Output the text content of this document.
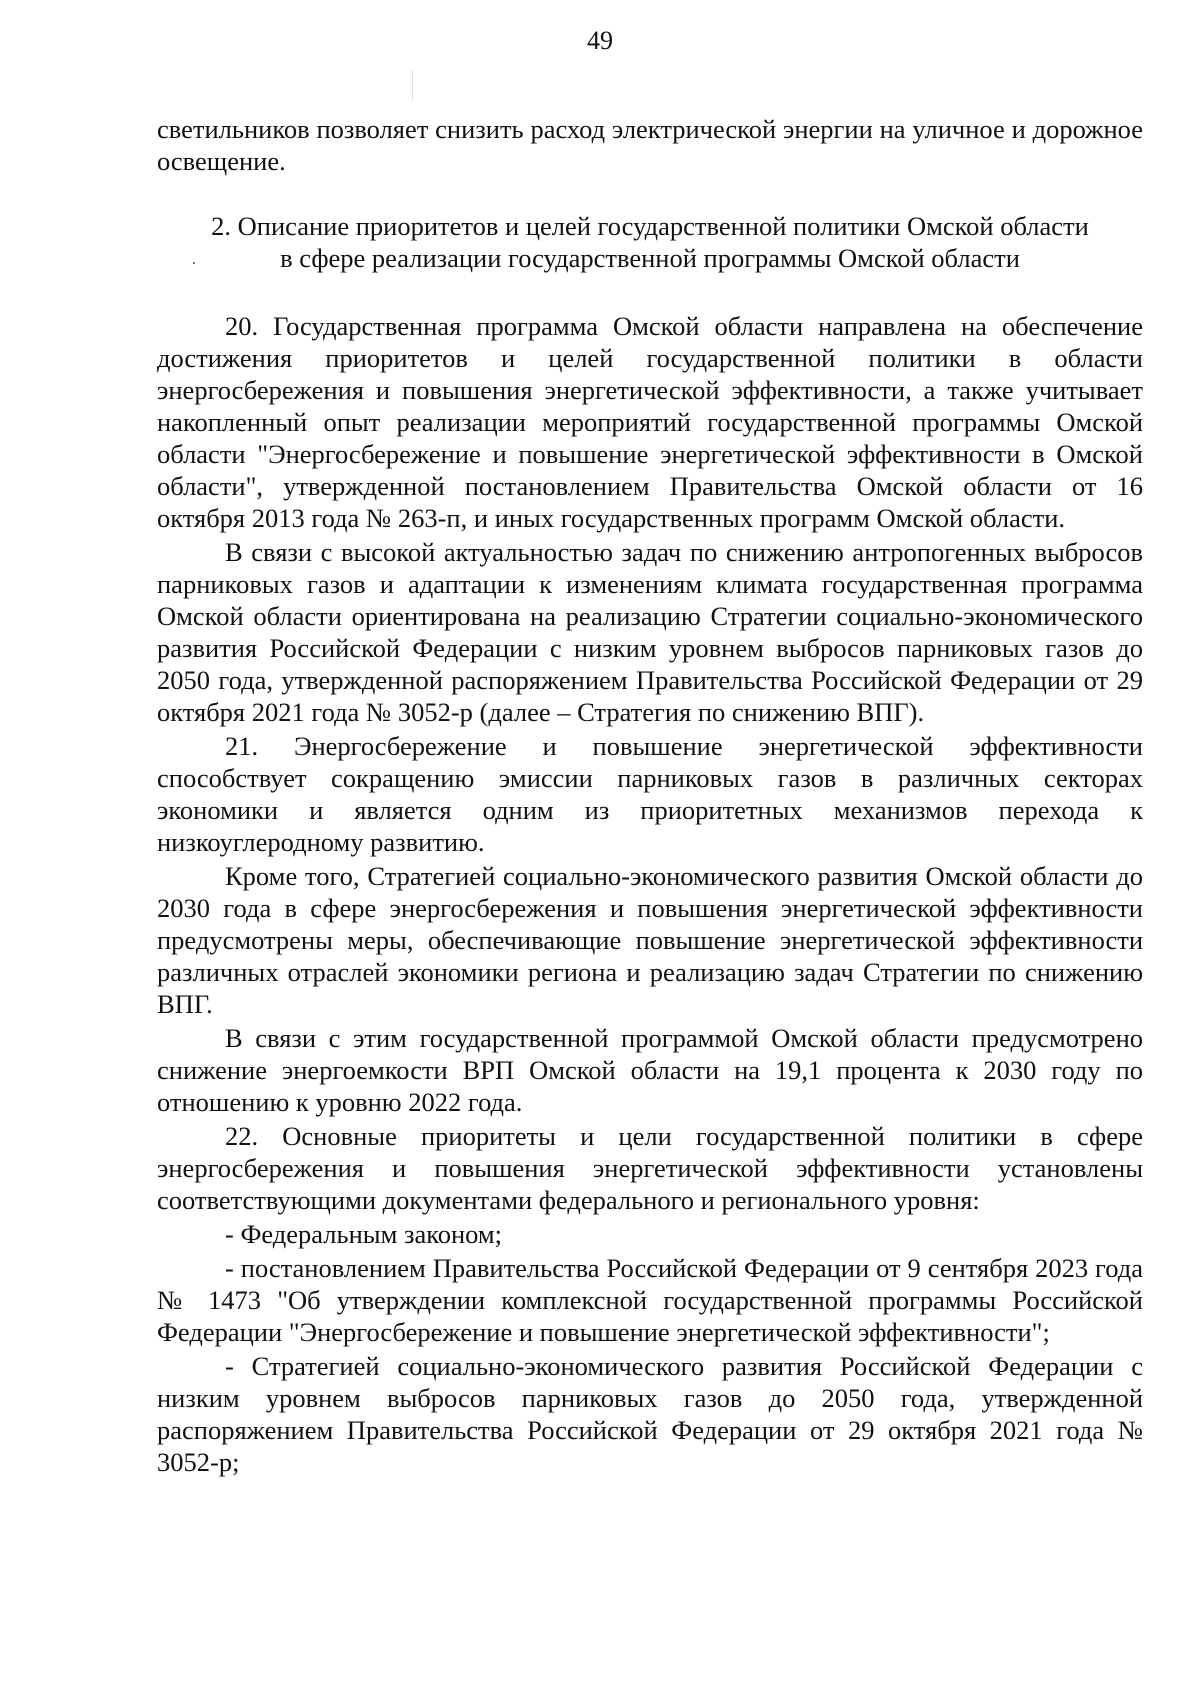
49

светильников позволяет снизить расход электрической энергии на уличное и дорожное освещение.

2. Описание приоритетов и целей государственной политики Омской области
в сфере реализации государственной программы Омской области

20. Государственная программа Омской области направлена на обеспечение достижения приоритетов и целей государственной политики в области энергосбережения и повышения энергетической эффективности, а также учитывает накопленный опыт реализации мероприятий государственной программы Омской области "Энергосбережение и повышение энергетической эффективности в Омской области", утвержденной постановлением Правительства Омской области от 16 октября 2013 года № 263-п, и иных государственных программ Омской области.

В связи с высокой актуальностью задач по снижению антропогенных выбросов парниковых газов и адаптации к изменениям климата государственная программа Омской области ориентирована на реализацию Стратегии социально-экономического развития Российской Федерации с низким уровнем выбросов парниковых газов до 2050 года, утвержденной распоряжением Правительства Российской Федерации от 29 октября 2021 года № 3052-р (далее – Стратегия по снижению ВПГ).

21. Энергосбережение и повышение энергетической эффективности способствует сокращению эмиссии парниковых газов в различных секторах экономики и является одним из приоритетных механизмов перехода к низкоуглеродному развитию.

Кроме того, Стратегией социально-экономического развития Омской области до 2030 года в сфере энергосбережения и повышения энергетической эффективности предусмотрены меры, обеспечивающие повышение энергетической эффективности различных отраслей экономики региона и реализацию задач Стратегии по снижению ВПГ.

В связи с этим государственной программой Омской области предусмотрено снижение энергоемкости ВРП Омской области на 19,1 процента к 2030 году по отношению к уровню 2022 года.

22. Основные приоритеты и цели государственной политики в сфере энергосбережения и повышения энергетической эффективности установлены соответствующими документами федерального и регионального уровня:

- Федеральным законом;

- постановлением Правительства Российской Федерации от 9 сентября 2023 года № 1473 "Об утверждении комплексной государственной программы Российской Федерации "Энергосбережение и повышение энергетической эффективности";

- Стратегией социально-экономического развития Российской Федерации с низким уровнем выбросов парниковых газов до 2050 года, утвержденной распоряжением Правительства Российской Федерации от 29 октября 2021 года № 3052-р;
